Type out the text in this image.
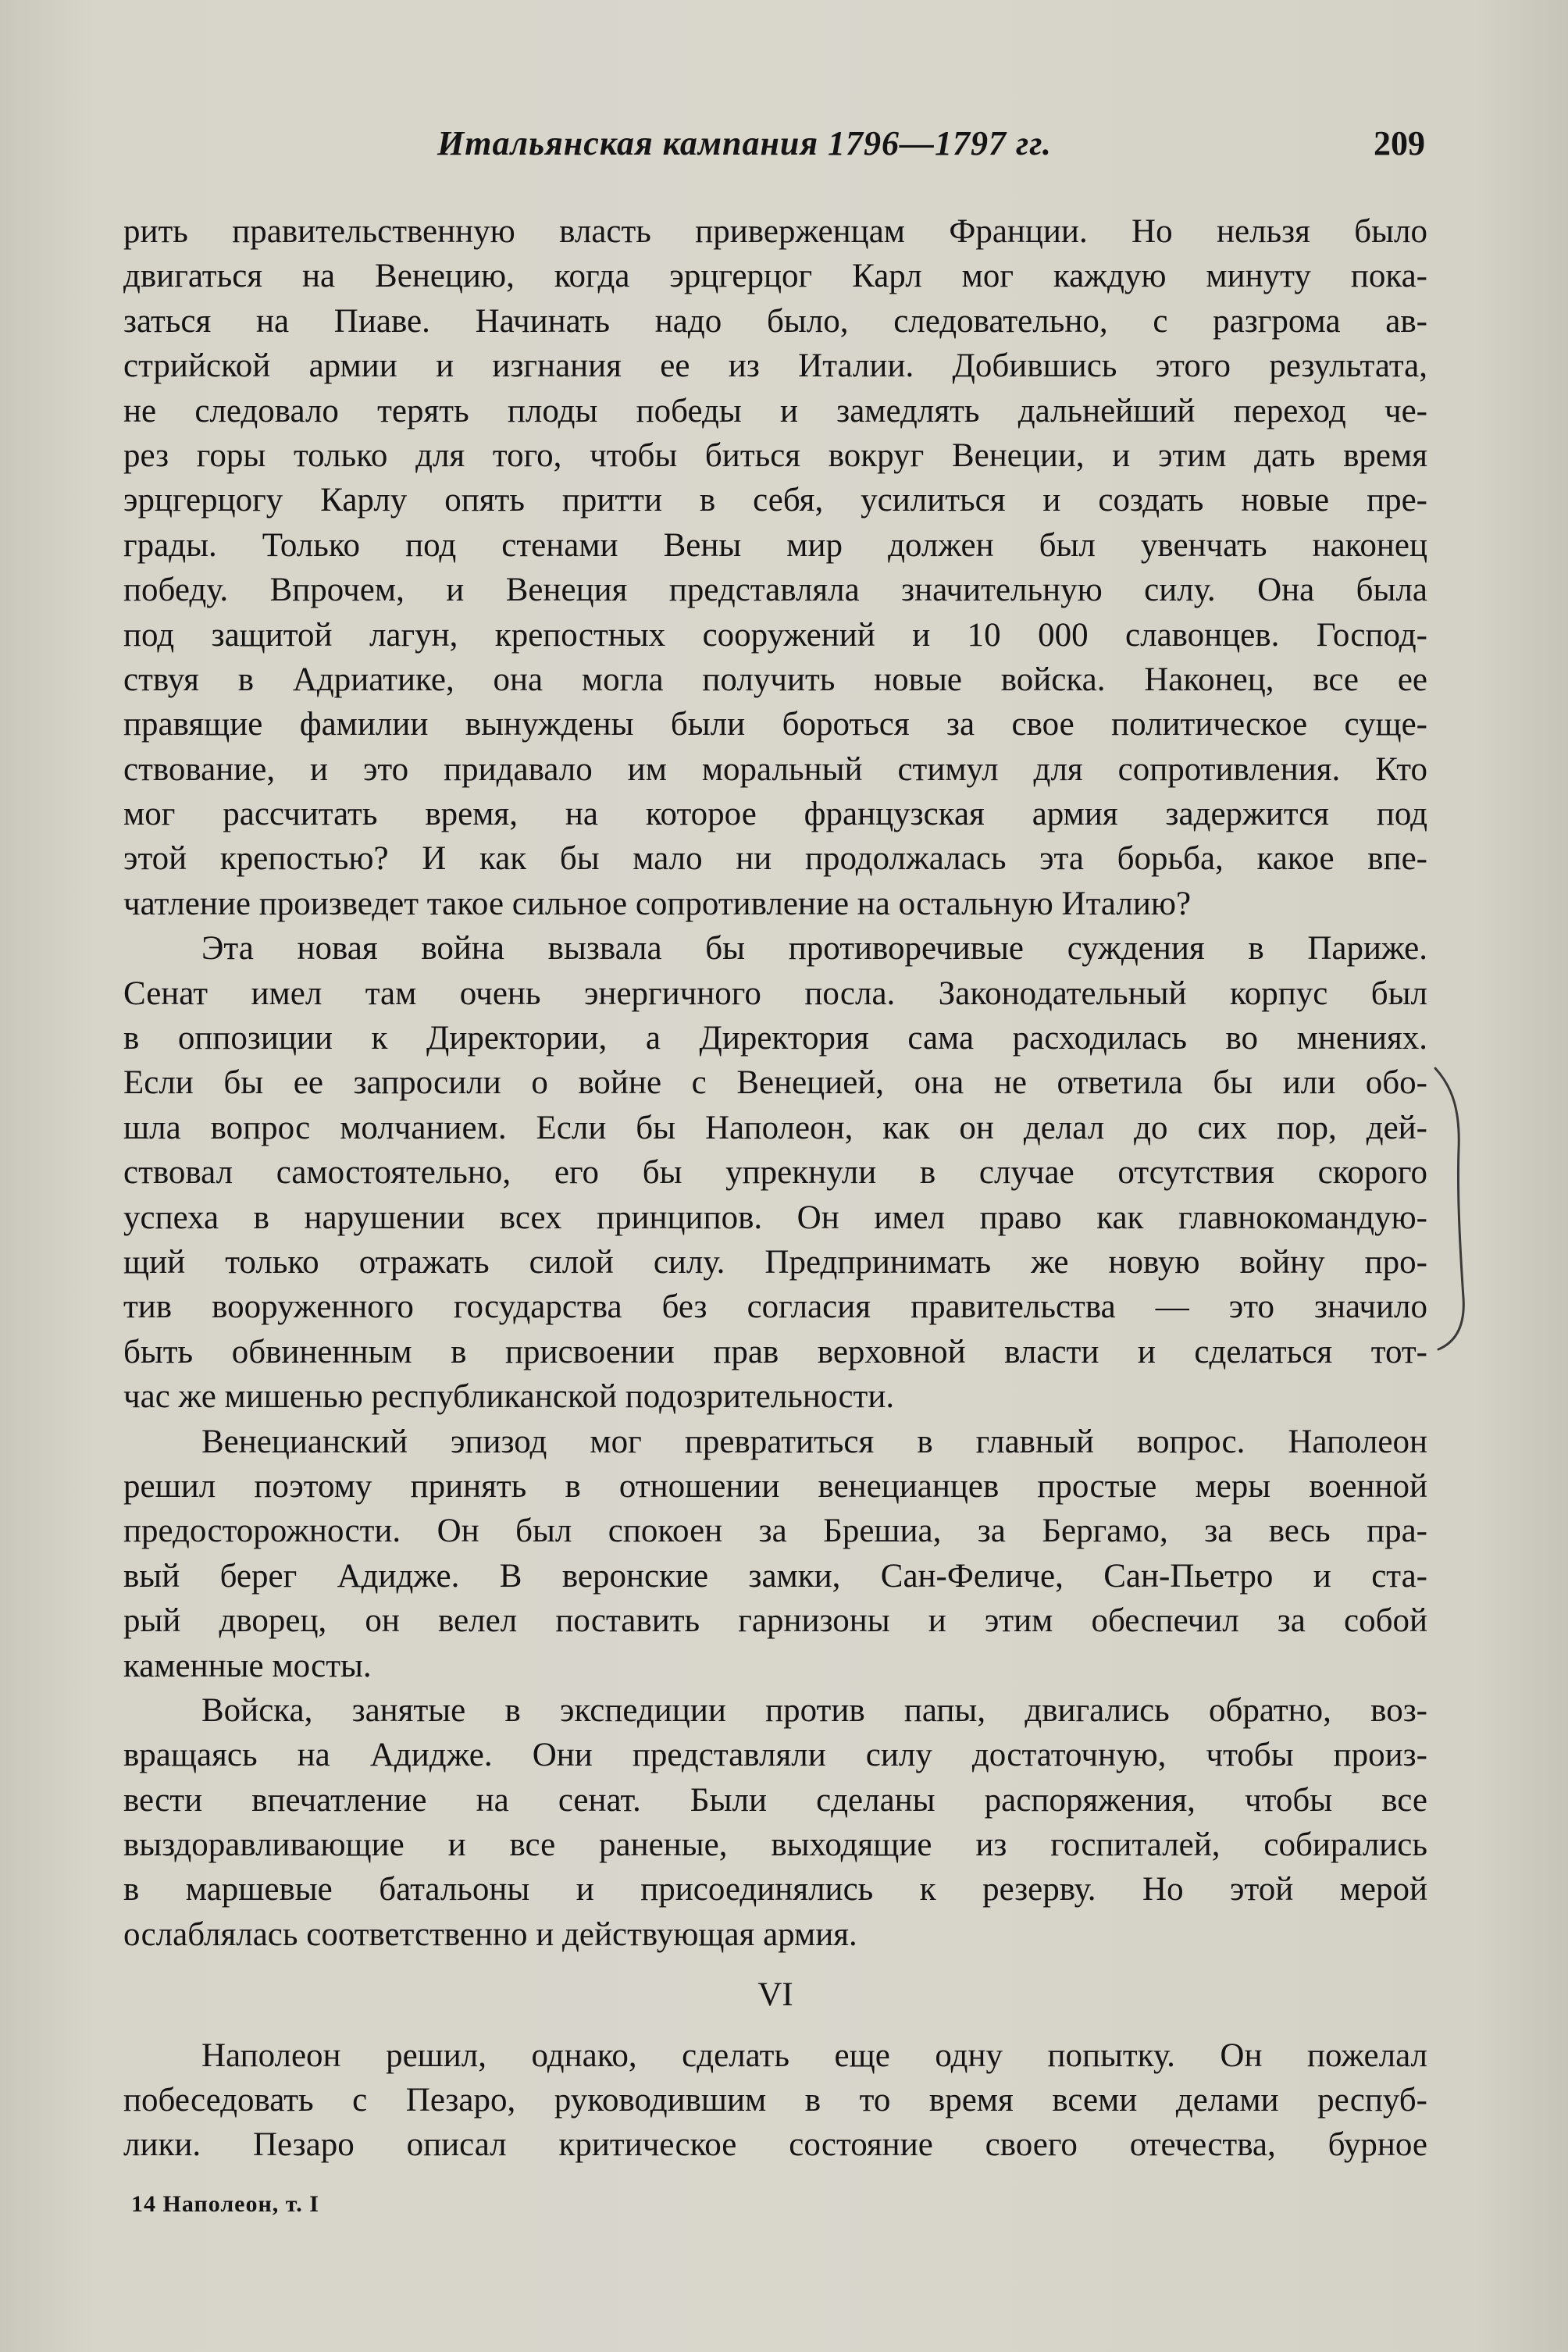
Итальянская кампания 1796—1797 гг.	209
рить правительственную власть приверженцам Франции. Но нельзя было
двигаться на Венецию, когда эрцгерцог Карл мог каждую минуту пока-
заться на Пиаве. Начинать надо было, следовательно, с разгрома ав-
стрийской армии и изгнания ее из Италии. Добившись этого результата,
не следовало терять плоды победы и замедлять дальнейший переход че-
рез горы только для того, чтобы биться вокруг Венеции, и этим дать время
эрцгерцогу Карлу опять притти в себя, усилиться и создать новые пре-
грады. Только под стенами Вены мир должен был увенчать наконец
победу. Впрочем, и Венеция представляла значительную силу. Она была
под защитой лагун, крепостных сооружений и 10 000 славонцев. Господ-
ствуя в Адриатике, она могла получить новые войска. Наконец, все ее
правящие фамилии вынуждены были бороться за свое политическое суще-
ствование, и это придавало им моральный стимул для сопротивления. Кто
мог рассчитать время, на которое французская армия задержится под
этой крепостью? И как бы мало ни продолжалась эта борьба, какое впе-
чатление произведет такое сильное сопротивление на остальную Италию?
Эта новая война вызвала бы противоречивые суждения в Париже.
Сенат имел там очень энергичного посла. Законодательный корпус был
в оппозиции к Директории, а Директория сама расходилась во мнениях.
Если бы ее запросили о войне с Венецией, она не ответила бы или обо-
шла вопрос молчанием. Если бы Наполеон, как он делал до сих пор, дей-
ствовал самостоятельно, его бы упрекнули в случае отсутствия скорого
успеха в нарушении всех принципов. Он имел право как главнокомандую-
щий только отражать силой силу. Предпринимать же новую войну про-
тив вооруженного государства без согласия правительства — это значило
быть обвиненным в присвоении прав верховной власти и сделаться тот-
час же мишенью республиканской подозрительности.
Венецианский эпизод мог превратиться в главный вопрос. Наполеон
решил поэтому принять в отношении венецианцев простые меры военной
предосторожности. Он был спокоен за Брешиа, за Бергамо, за весь пра-
вый берег Адидже. В веронские замки, Сан-Феличе, Сан-Пьетро и ста-
рый дворец, он велел поставить гарнизоны и этим обеспечил за собой
каменные мосты.
Войска, занятые в экспедиции против папы, двигались обратно, воз-
вращаясь на Адидже. Они представляли силу достаточную, чтобы произ-
вести впечатление на сенат. Были сделаны распоряжения, чтобы все
выздоравливающие и все раненые, выходящие из госпиталей, собирались
в маршевые батальоны и присоединялись к резерву. Но этой мерой
ослаблялась соответственно и действующая армия.
VI
Наполеон решил, однако, сделать еще одну попытку. Он пожелал
побеседовать с Пезаро, руководившим в то время всеми делами респуб-
лики. Пезаро описал критическое состояние своего отечества, бурное
14 Наполеон, т. I
